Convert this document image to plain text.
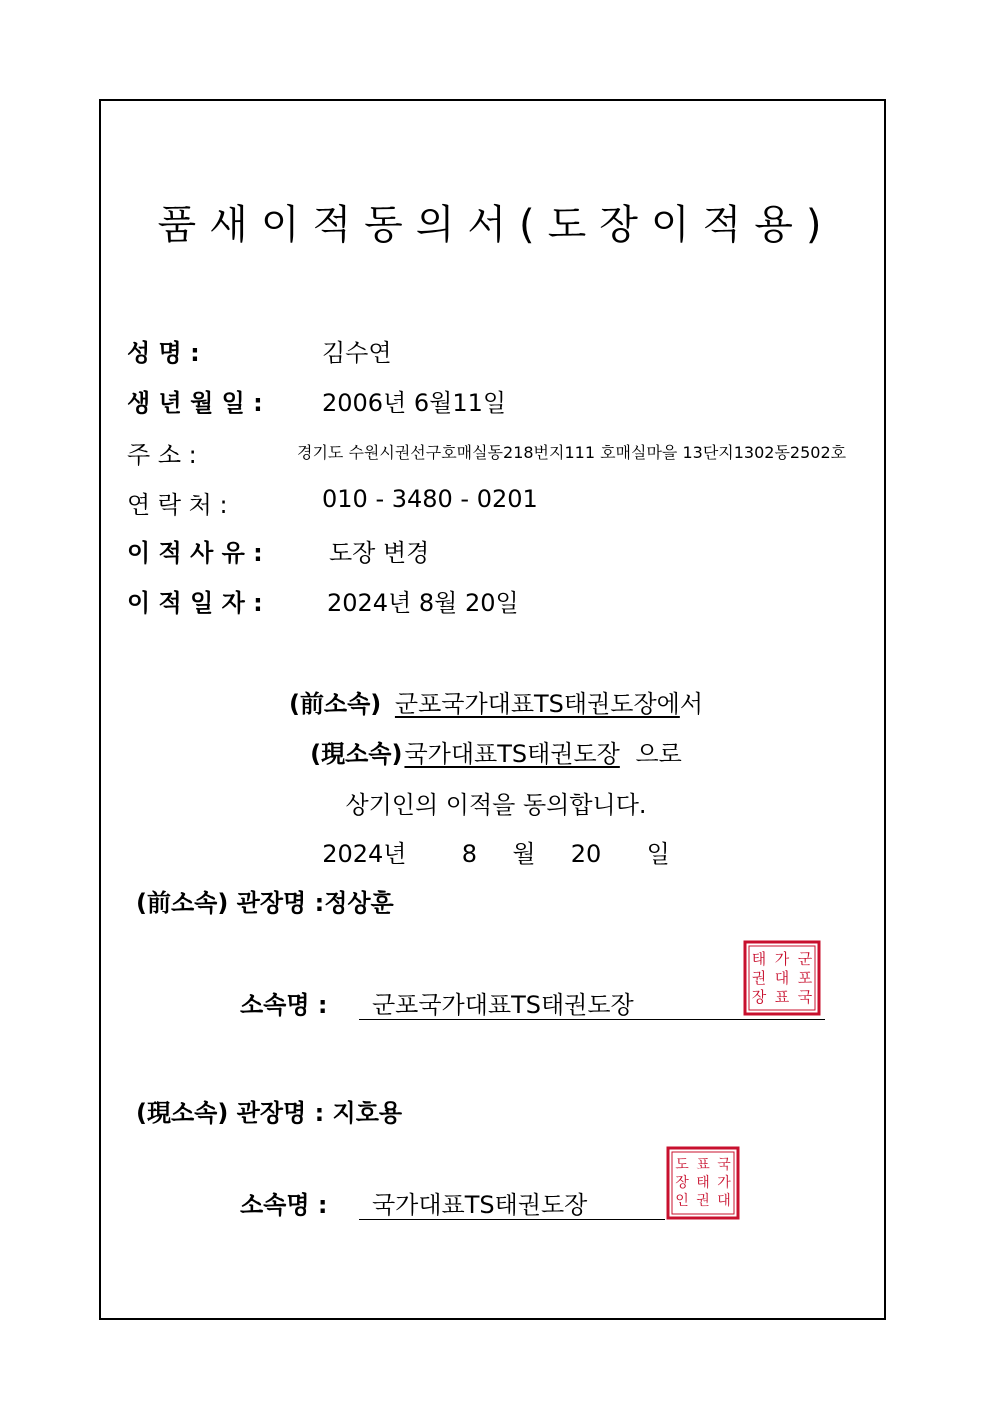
품새이적동의서(도장이적용)
성 명 :	김수연
생 년 월 일 : 2006년 6월11일
주 소 :	경기도 수원시권선구호매실동218번지111 호매실마을 13단지1302동2502호
연 락 처 :	010 - 3480 - 0201
이 적 사 유 :	도장 변경
이 적 일 자 :	2024년 8월 20일
(前소속) 군포국가대표TS태권도장에서
(現소속)국가대표TS태권도장 으로
상기인의 이적을 동의합니다.
2024년 8 월 20 일
(前소속) 관장명 :정상훈
소속명 : 군포국가대표TS태권도장
군
포
국
가
대
표
태
권
장
(現소속) 관장명 : 지호용
소속명 : 국가대표TS태권도장
국
가
대
표
태
권
도
장
인
